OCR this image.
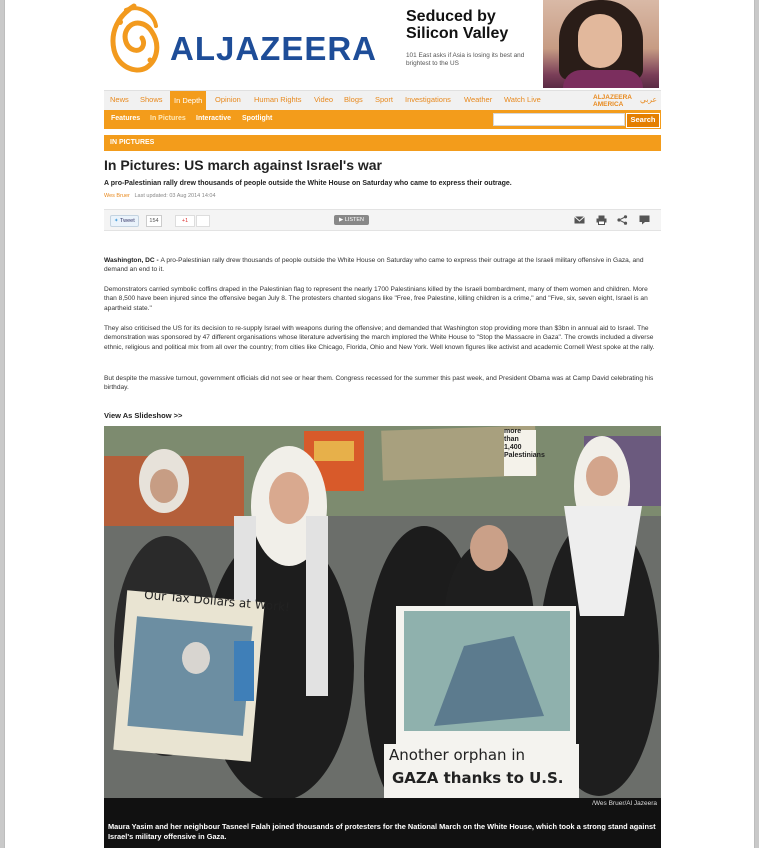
ALJAZEERA
Seduced by Silicon Valley
101 East asks if Asia is losing its best and brightest to the US
News Shows	In Depth	Opinion Human Rights Video Blogs Sport Investigations Weather Watch Live	ALJAZEERA AMERICA
عربي
Features In Pictures Interactive Spotlight	Search
IN PICTURES
In Pictures: US march against Israel's war
A pro-Palestinian rally drew thousands of people outside the White House on Saturday who came to express their outrage.
Wes Bruer Last updated: 03 Aug 2014 14:04
✦ Tweet	154	+1	▶ LISTEN

Washington, DC - A pro-Palestinian rally drew thousands of people outside the White House on Saturday who came to express their outrage at the Israeli military offensive in Gaza, and demand an end to it.

Demonstrators carried symbolic coffins draped in the Palestinian flag to represent the nearly 1700 Palestinians killed by the Israeli bombardment, many of them women and children. More than 8,500 have been injured since the offensive began July 8. The protesters chanted slogans like "Free, free Palestine, killing children is a crime," and "Five, six, seven eight, Israel is an apartheid state."

They also criticised the US for its decision to re-supply Israel with weapons during the offensive; and demanded that Washington stop providing more than $3bn in annual aid to Israel. The demonstration was sponsored by 47 different organisations whose literature advertising the march implored the White House to "Stop the Massacre in Gaza". The crowds included a diverse ethnic, religious and political mix from all over the country; from cities like Chicago, Florida, Ohio and New York. Well known figures like activist and academic Cornell West spoke at the rally.

But despite the massive turnout, government officials did not see or hear them. Congress recessed for the summer this past week, and President Obama was at Camp David celebrating his birthday.

View As Slideshow >>
Our Tax Dollars at Work!
more than 1,400 Palestinians
Another orphan in
GAZA thanks to U.S.
/Wes Bruer/Al Jazeera
Maura Yasim and her neighbour Tasneel Falah joined thousands of protesters for the National March on the White House, which took a strong stand against Israel's military offensive in Gaza.
